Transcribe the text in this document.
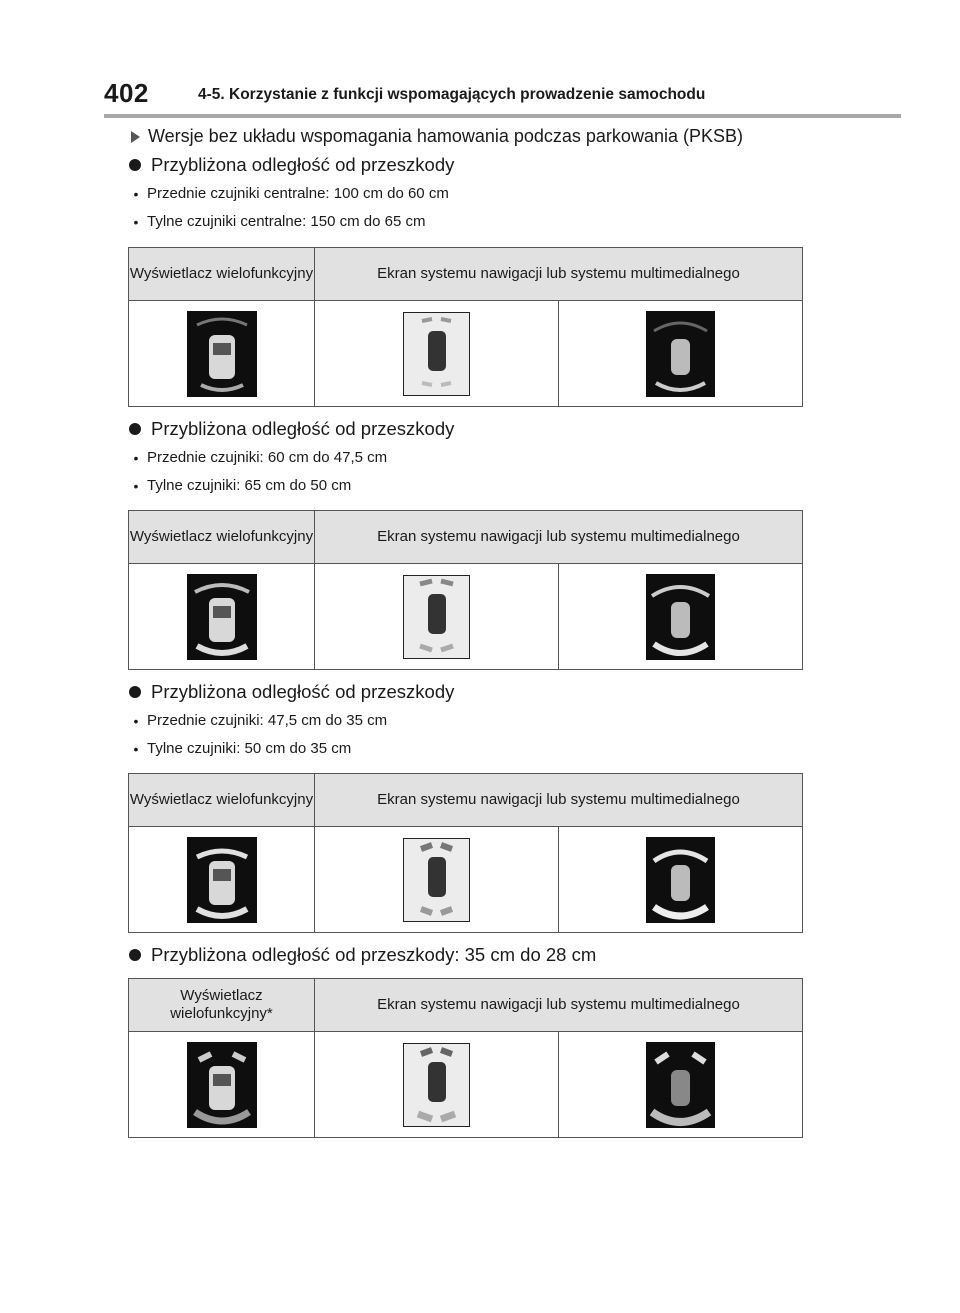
402	4-5. Korzystanie z funkcji wspomagających prowadzenie samochodu
Wersje bez układu wspomagania hamowania podczas parkowania (PKSB)
Przybliżona odległość od przeszkody
• Przednie czujniki centralne: 100 cm do 60 cm
• Tylne czujniki centralne: 150 cm do 65 cm
Wyświetlacz wielofunkcyjny	Ekran systemu nawigacji lub systemu multimedialnego	

Przybliżona odległość od przeszkody
• Przednie czujniki: 60 cm do 47,5 cm
• Tylne czujniki: 65 cm do 50 cm
Wyświetlacz wielofunkcyjny	Ekran systemu nawigacji lub systemu multimedialnego	

Przybliżona odległość od przeszkody
• Przednie czujniki: 47,5 cm do 35 cm
• Tylne czujniki: 50 cm do 35 cm
Wyświetlacz wielofunkcyjny	Ekran systemu nawigacji lub systemu multimedialnego	

Przybliżona odległość od przeszkody: 35 cm do 28 cm
Wyświetlacz wielofunkcyjny*	Ekran systemu nawigacji lub systemu multimedialnego	
